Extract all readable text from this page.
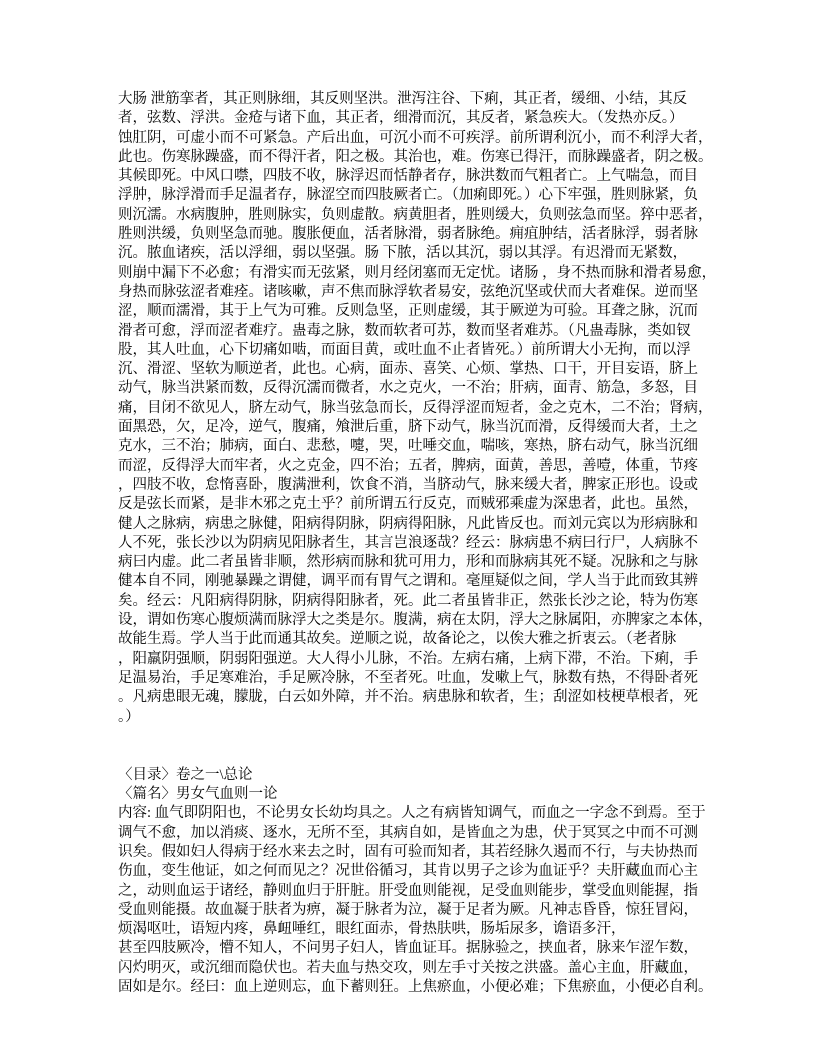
大肠 泄筋挛者，其正则脉细，其反则坚洪。泄泻注谷、下痢，其正者，缓细、小结，其反
者，弦数、浮洪。金疮与诸下血，其正者，细滑而沉，其反者，紧急疾大。（发热亦反。）
蚀肛阴，可虚小而不可紧急。产后出血，可沉小而不可疾浮。前所谓利沉小，而不利浮大者，
此也。伤寒脉躁盛，而不得汗者，阳之极。其治也，难。伤寒已得汗，而脉躁盛者，阴之极。
其候即死。中风口噤，四肢不收，脉浮迟而恬静者存，脉洪数而气粗者亡。上气喘急，而目
浮肿，脉浮滑而手足温者存，脉涩空而四肢厥者亡。（加痢即死。）心下牢强，胜则脉紧，负
则沉濡。水病腹肿，胜则脉实，负则虚散。病黄胆者，胜则缓大，负则弦急而坚。猝中恶者，
胜则洪缓，负则坚急而驰。腹胀便血，活者脉滑，弱者脉绝。痈疽肿结，活者脉浮，弱者脉
沉。脓血诸疾，活以浮细，弱以坚强。肠 下脓，活以其沉，弱以其浮。有迟滑而无紧数，
则崩中漏下不必愈；有滑实而无弦紧，则月经闭塞而无定忧。诸肠 ，身不热而脉和滑者易愈，
身热而脉弦涩者难痊。诸咳嗽，声不焦而脉浮软者易安，弦绝沉坚或伏而大者难保。逆而坚
涩，顺而濡滑，其于上气为可雅。反则急坚，正则虚缓，其于厥逆为可验。耳聋之脉，沉而
滑者可愈，浮而涩者难疗。蛊毒之脉，数而软者可苏，数而坚者难苏。（凡蛊毒脉，类如钗
股，其人吐血，心下切痛如啮，而面目黄，或吐血不止者皆死。）前所谓大小无拘，而以浮
沉、滑涩、坚软为顺逆者，此也。心病，面赤、喜笑、心烦、掌热、口干，开目妄语，脐上
动气，脉当洪紧而数，反得沉濡而微者，水之克火，一不治；肝病，面青、筋急，多怒，目
痛，目闭不欲见人，脐左动气，脉当弦急而长，反得浮涩而短者，金之克木，二不治；肾病，
面黑恐，欠，足冷，逆气，腹痛，飧泄后重，脐下动气，脉当沉而滑，反得缓而大者，土之
克水，三不治；肺病，面白、悲愁，嚏，哭，吐唾交血，喘咳，寒热，脐右动气，脉当沉细
而涩，反得浮大而牢者，火之克金，四不治；五者，脾病，面黄，善思，善噎，体重，节疼
，四肢不收，怠惰喜卧，腹满泄利，饮食不消，当脐动气，脉来缓大者，脾家正形也。设或
反是弦长而紧，是非木邪之克土乎？前所谓五行反克，而贼邪乘虚为深患者，此也。虽然，
健人之脉病，病患之脉健，阳病得阴脉，阴病得阳脉，凡此皆反也。而刘元宾以为形病脉和
人不死，张长沙以为阴病见阳脉者生，其言岂浪逐哉？经云：脉病患不病曰行尸，人病脉不
病曰内虚。此二者虽皆非顺，然形病而脉和犹可用力，形和而脉病其死不疑。况脉和之与脉
健本自不同，刚驰暴躁之谓健，调平而有胃气之谓和。毫厘疑似之间，学人当于此而致其辨
矣。经云：凡阳病得阴脉，阴病得阳脉者，死。此二者虽皆非正，然张长沙之论，特为伤寒
设，谓如伤寒心腹烦满而脉浮大之类是尔。腹满，病在太阴，浮大之脉属阳，亦脾家之本体，
故能生焉。学人当于此而通其故矣。逆顺之说，故备论之，以俟大雅之折衷云。（老者脉
，阳羸阴强顺，阴弱阳强逆。大人得小儿脉，不治。左病右痛，上病下滞，不治。下痢，手
足温易治，手足寒难治，手足厥冷脉，不至者死。吐血，发嗽上气，脉数有热，不得卧者死
。凡病患眼无魂，朦胧，白云如外障，并不治。病患脉和软者，生；刮涩如枝梗草根者，死
。）
〈目录〉卷之一\总论
〈篇名〉男女气血则一论
内容: 血气即阴阳也，不论男女长幼均具之。人之有病皆知调气，而血之一字念不到焉。至于
调气不愈，加以消痰、逐水，无所不至，其病自如，是皆血之为患，伏于冥冥之中而不可测
识矣。假如妇人得病于经水来去之时，固有可验而知者，其若经脉久遏而不行，与夫协热而
伤血，变生他证，如之何而见之？况世俗循习，其肯以男子之诊为血证乎？夫肝藏血而心主
之，动则血运于诸经，静则血归于肝脏。肝受血则能视，足受血则能步，掌受血则能握，指
受血则能摄。故血凝于肤者为痹，凝于脉者为泣，凝于足者为厥。凡神志昏昏，惊狂冒闷，
烦渴呕吐，语短内疼，鼻衄唾红，眼红面赤，骨热肤哄，肠垢尿多，谵语多汗，
甚至四肢厥冷，懵不知人，不问男子妇人，皆血证耳。据脉验之，挟血者，脉来乍涩乍数，
闪灼明灭，或沉细而隐伏也。若夫血与热交攻，则左手寸关按之洪盛。盖心主血，肝藏血，
固如是尔。经曰：血上逆则忘，血下蓄则狂。上焦瘀血，小便必难；下焦瘀血，小便必自利。
